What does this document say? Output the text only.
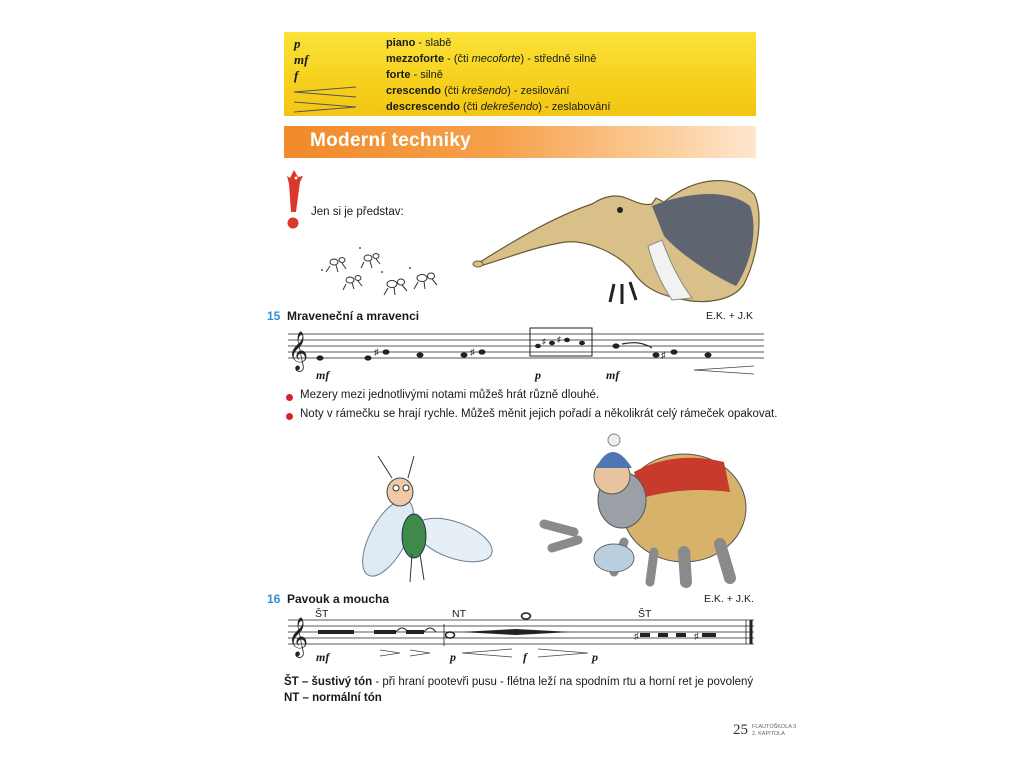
p	piano - slabě
mf	mezzoforte - (čti mecoforte) - středně silně
f	forte - silně
crescendo (čti krešendo) - zesilování
descrescendo (čti dekrešendo) - zeslabování
Moderní techniky
Jen si je představ:
15 Mraveneční a mravenci	E.K. + J.K
𝄞	♯	♯	♯
♯ ♯
mf	p	mf
Mezery mezi jednotlivými notami můžeš hrát různě dlouhé.
Noty v rámečku se hrají rychle. Můžeš měnit jejich pořadí a několikrát celý rámeček opakovat.
16 Pavouk a moucha	E.K. + J.K.
ŠT	NT	ŠT
𝄞	♯	♯
mf	p	f	p
ŠT – šustivý tón - při hraní pootevři pusu - flétna leží na spodním rtu a horní ret je povolený
NT – normální tón
25 FLAUTOŠKOLA 3
2. KAPITOLA
